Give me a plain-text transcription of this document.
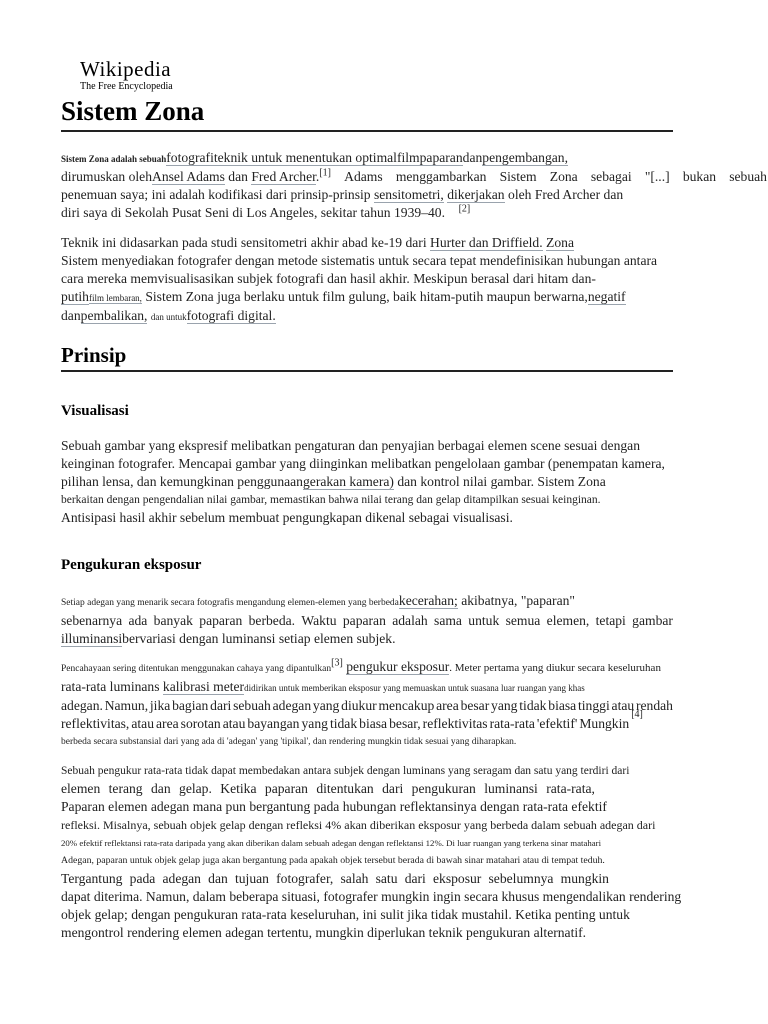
Wikipedia
The Free Encyclopedia
Sistem Zona
Sistem Zona adalah sebuahfotografiteknik untuk menentukan optimalfilmpaparandanpengembangan,
dirumuskan olehAnsel Adams dan Fred Archer.[1] Adams menggambarkan Sistem Zona sebagai "[...] bukan sebuah
penemuan saya; ini adalah kodifikasi dari prinsip-prinsip sensitometri, dikerjakan oleh Fred Archer dan
diri saya di Sekolah Pusat Seni di Los Angeles, sekitar tahun 1939–40. [2]
Teknik ini didasarkan pada studi sensitometri akhir abad ke-19 dari Hurter dan Driffield. Zona
Sistem menyediakan fotografer dengan metode sistematis untuk secara tepat mendefinisikan hubungan antara
cara mereka memvisualisasikan subjek fotografi dan hasil akhir. Meskipun berasal dari hitam dan-
putihfilm lembaran, Sistem Zona juga berlaku untuk film gulung, baik hitam-putih maupun berwarna,negatif
danpembalikan, dan untukfotografi digital.
Prinsip
Visualisasi
Sebuah gambar yang ekspresif melibatkan pengaturan dan penyajian berbagai elemen scene sesuai dengan
keinginan fotografer. Mencapai gambar yang diinginkan melibatkan pengelolaan gambar (penempatan kamera,
pilihan lensa, dan kemungkinan penggunaangerakan kamera) dan kontrol nilai gambar. Sistem Zona
berkaitan dengan pengendalian nilai gambar, memastikan bahwa nilai terang dan gelap ditampilkan sesuai keinginan.
Antisipasi hasil akhir sebelum membuat pengungkapan dikenal sebagai visualisasi.
Pengukuran eksposur
Setiap adegan yang menarik secara fotografis mengandung elemen-elemen yang berbedakecerahan; akibatnya, "paparan"
sebenarnya ada banyak paparan berbeda. Waktu paparan adalah sama untuk semua elemen, tetapi gambar
illuminansibervariasi dengan luminansi setiap elemen subjek.
Pencahayaan sering ditentukan menggunakan cahaya yang dipantulkan[3] pengukur eksposur. Meter pertama yang diukur secara keseluruhan
rata-rata luminans kalibrasi meterdidirikan untuk memberikan eksposur yang memuaskan untuk suasana luar ruangan yang khas
adegan. Namun, jika bagian dari sebuah adegan yang diukur mencakup area besar yang tidak biasa tinggi atau rendah
reflektivitas, atau area sorotan atau bayangan yang tidak biasa besar, reflektivitas rata-rata 'efektif' Mungkin
[4]
berbeda secara substansial dari yang ada di 'adegan' yang 'tipikal', dan rendering mungkin tidak sesuai yang diharapkan.
Sebuah pengukur rata-rata tidak dapat membedakan antara subjek dengan luminans yang seragam dan satu yang terdiri dari
elemen terang dan gelap. Ketika paparan ditentukan dari pengukuran luminansi rata-rata,
Paparan elemen adegan mana pun bergantung pada hubungan reflektansinya dengan rata-rata efektif
refleksi. Misalnya, sebuah objek gelap dengan refleksi 4% akan diberikan eksposur yang berbeda dalam sebuah adegan dari
20% efektif reflektansi rata-rata daripada yang akan diberikan dalam sebuah adegan dengan reflektansi 12%. Di luar ruangan yang terkena sinar matahari
Adegan, paparan untuk objek gelap juga akan bergantung pada apakah objek tersebut berada di bawah sinar matahari atau di tempat teduh.
Tergantung pada adegan dan tujuan fotografer, salah satu dari eksposur sebelumnya mungkin
dapat diterima. Namun, dalam beberapa situasi, fotografer mungkin ingin secara khusus mengendalikan rendering
objek gelap; dengan pengukuran rata-rata keseluruhan, ini sulit jika tidak mustahil. Ketika penting untuk
mengontrol rendering elemen adegan tertentu, mungkin diperlukan teknik pengukuran alternatif.
